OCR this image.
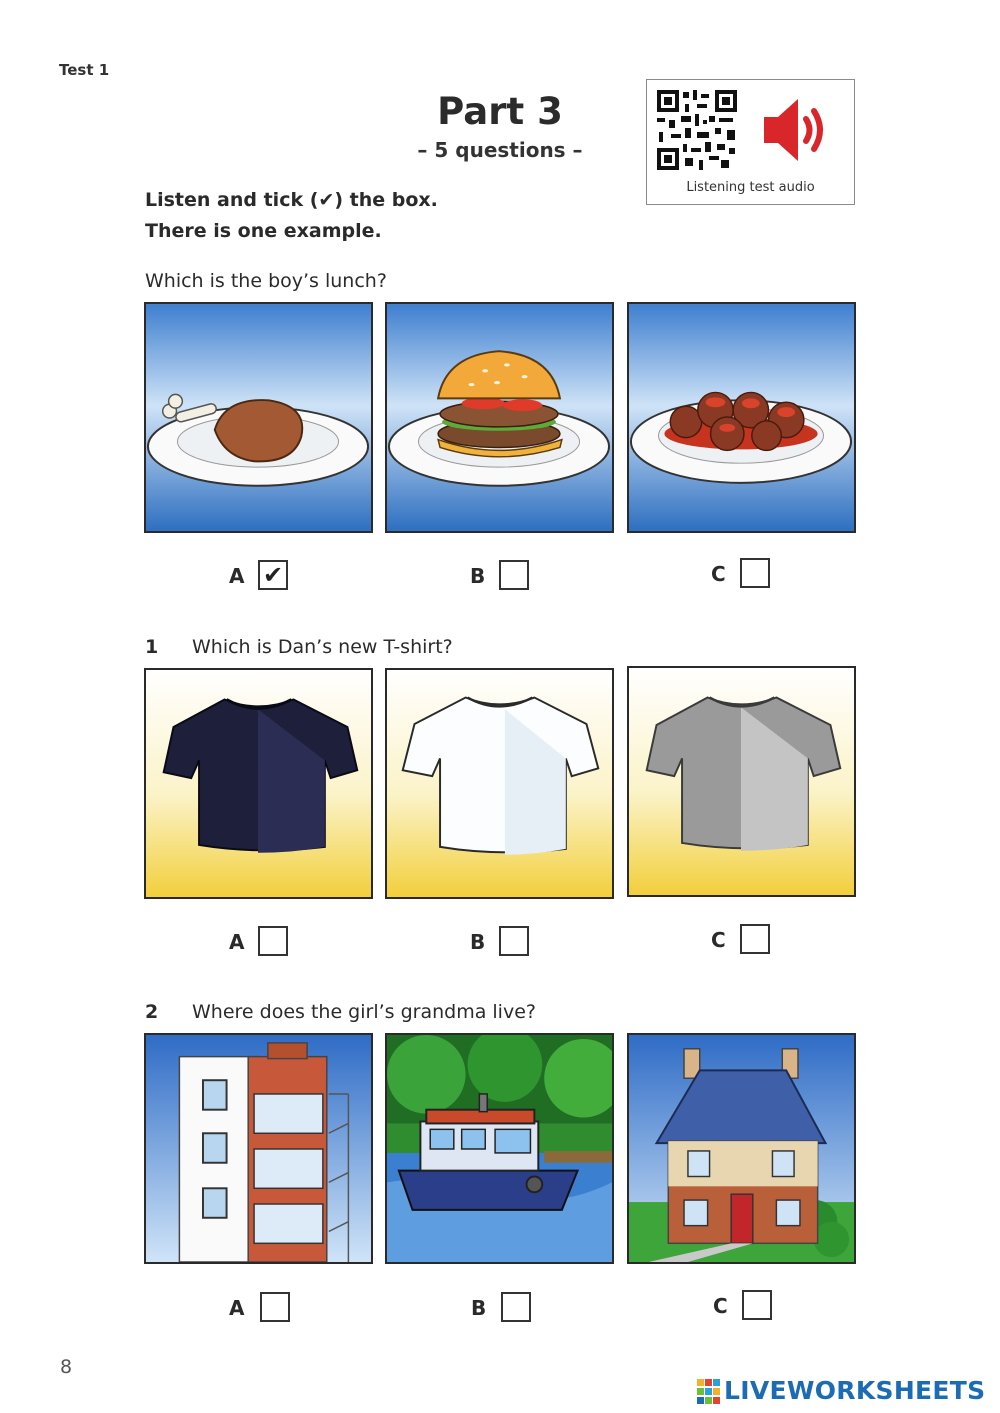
Test 1
Part 3
– 5 questions –
Listening test audio
Listen and tick (✔) the box.
There is one example.
Which is the boy’s lunch?
A ✔	B	C
1 Which is Dan’s new T-shirt?
A	B	C
2 Where does the girl’s grandma live?
A	B	C
8
LIVEWORKSHEETS
